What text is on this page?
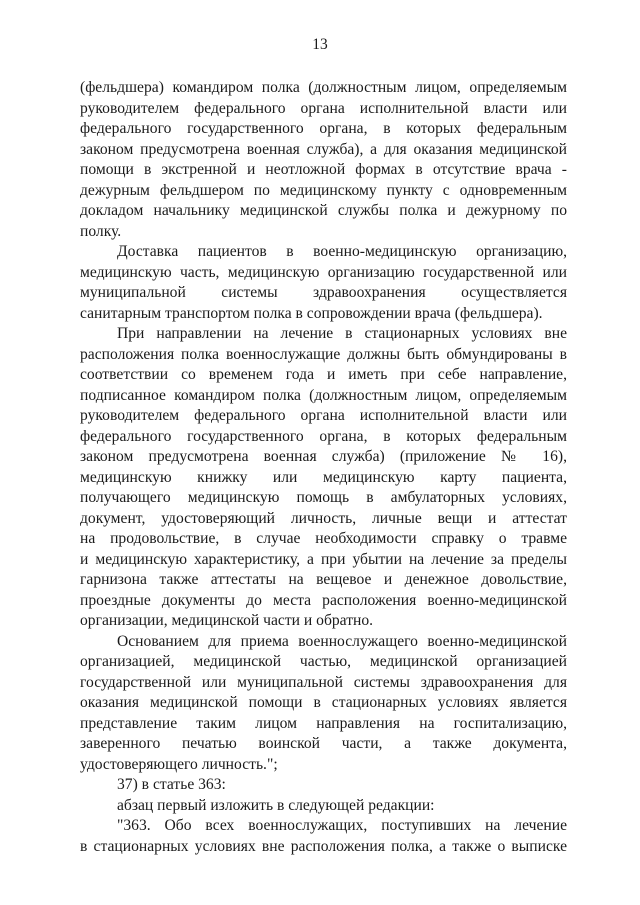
13
(фельдшера) командиром полка (должностным лицом, определяемым
руководителем федерального органа исполнительной власти или
федерального государственного органа, в которых федеральным
законом предусмотрена военная служба), а для оказания медицинской
помощи в экстренной и неотложной формах в отсутствие врача -
дежурным фельдшером по медицинскому пункту с одновременным
докладом начальнику медицинской службы полка и дежурному по
полку.
Доставка пациентов в военно-медицинскую организацию,
медицинскую часть, медицинскую организацию государственной или
муниципальной системы здравоохранения осуществляется
санитарным транспортом полка в сопровождении врача (фельдшера).
При направлении на лечение в стационарных условиях вне
расположения полка военнослужащие должны быть обмундированы в
соответствии со временем года и иметь при себе направление,
подписанное командиром полка (должностным лицом, определяемым
руководителем федерального органа исполнительной власти или
федерального государственного органа, в которых федеральным
законом предусмотрена военная служба) (приложение № 16),
медицинскую книжку или медицинскую карту пациента,
получающего медицинскую помощь в амбулаторных условиях,
документ, удостоверяющий личность, личные вещи и аттестат
на продовольствие, в случае необходимости справку о травме
и медицинскую характеристику, а при убытии на лечение за пределы
гарнизона также аттестаты на вещевое и денежное довольствие,
проездные документы до места расположения военно-медицинской
организации, медицинской части и обратно.
Основанием для приема военнослужащего военно-медицинской
организацией, медицинской частью, медицинской организацией
государственной или муниципальной системы здравоохранения для
оказания медицинской помощи в стационарных условиях является
представление таким лицом направления на госпитализацию,
заверенного печатью воинской части, а также документа,
удостоверяющего личность.";
37) в статье 363:
абзац первый изложить в следующей редакции:
"363. Обо всех военнослужащих, поступивших на лечение
в стационарных условиях вне расположения полка, а также о выписке
